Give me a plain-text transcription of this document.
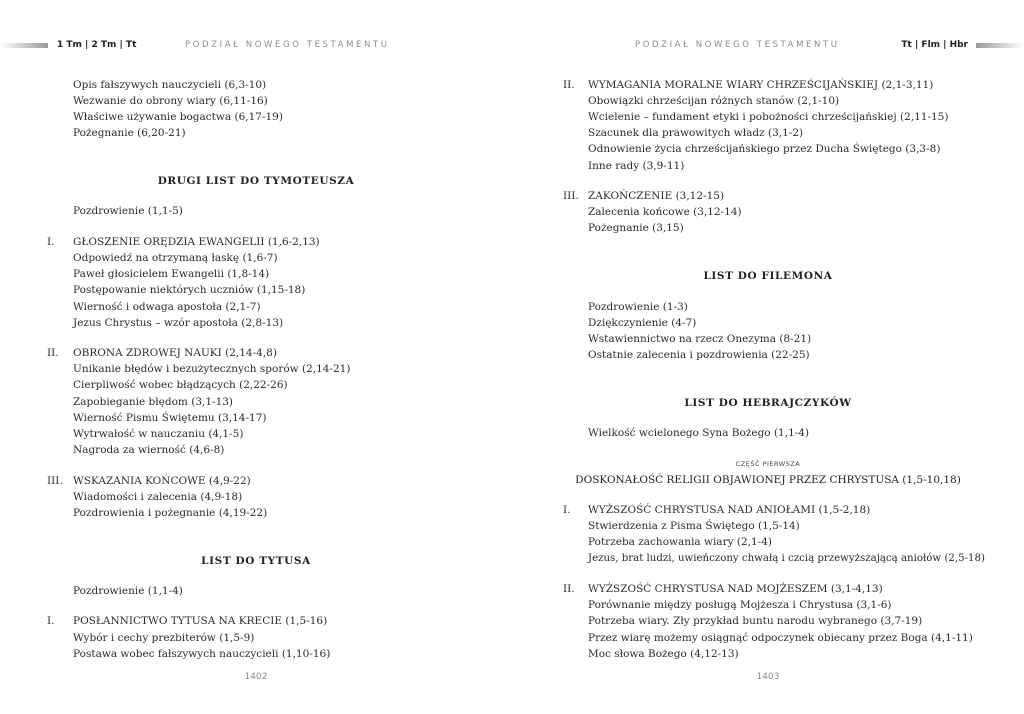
1 Tm | 2 Tm | Tt	PODZIAŁ NOWEGO TESTAMENTU
Opis fałszywych nauczycieli (6,3-10)
Wezwanie do obrony wiary (6,11-16)
Właściwe używanie bogactwa (6,17-19)
Pożegnanie (6,20-21)
DRUGI LIST DO TYMOTEUSZA
Pozdrowienie (1,1-5)
I. GŁOSZENIE ORĘDZIA EWANGELII (1,6-2,13)
Odpowiedź na otrzymaną łaskę (1,6-7)
Paweł głosicielem Ewangelii (1,8-14)
Postępowanie niektórych uczniów (1,15-18)
Wierność i odwaga apostoła (2,1-7)
Jezus Chrystus – wzór apostoła (2,8-13)
II. OBRONA ZDROWEJ NAUKI (2,14-4,8)
Unikanie błędów i bezużytecznych sporów (2,14-21)
Cierpliwość wobec błądzących (2,22-26)
Zapobieganie błędom (3,1-13)
Wierność Pismu Świętemu (3,14-17)
Wytrwałość w nauczaniu (4,1-5)
Nagroda za wierność (4,6-8)
III. WSKAZANIA KOŃCOWE (4,9-22)
Wiadomości i zalecenia (4,9-18)
Pozdrowienia i pożegnanie (4,19-22)
LIST DO TYTUSA
Pozdrowienie (1,1-4)
I. POSŁANNICTWO TYTUSA NA KRECIE (1,5-16)
Wybór i cechy prezbiterów (1,5-9)
Postawa wobec fałszywych nauczycieli (1,10-16)
1402
PODZIAŁ NOWEGO TESTAMENTU	Tt | Flm | Hbr
II. WYMAGANIA MORALNE WIARY CHRZEŚCIJAŃSKIEJ (2,1-3,11)
Obowiązki chrześcijan różnych stanów (2,1-10)
Wcielenie – fundament etyki i pobożności chrześcijańskiej (2,11-15)
Szacunek dla prawowitych władz (3,1-2)
Odnowienie życia chrześcijańskiego przez Ducha Świętego (3,3-8)
Inne rady (3,9-11)
III. ZAKOŃCZENIE (3,12-15)
Zalecenia końcowe (3,12-14)
Pożegnanie (3,15)
LIST DO FILEMONA
Pozdrowienie (1-3)
Dziękczynienie (4-7)
Wstawiennictwo na rzecz Onezyma (8-21)
Ostatnie zalecenia i pozdrowienia (22-25)
LIST DO HEBRAJCZYKÓW
Wielkość wcielonego Syna Bożego (1,1-4)
CZĘŚĆ PIERWSZA
DOSKONAŁOŚĆ RELIGII OBJAWIONEJ PRZEZ CHRYSTUSA (1,5-10,18)
I. WYŻSZOŚĆ CHRYSTUSA NAD ANIOŁAMI (1,5-2,18)
Stwierdzenia z Pisma Świętego (1,5-14)
Potrzeba zachowania wiary (2,1-4)
Jezus, brat ludzi, uwieńczony chwałą i czcią przewyższającą aniołów (2,5-18)
II. WYŻSZOŚĆ CHRYSTUSA NAD MOJŻESZEM (3,1-4,13)
Porównanie między posługą Mojżesza i Chrystusa (3,1-6)
Potrzeba wiary. Zły przykład buntu narodu wybranego (3,7-19)
Przez wiarę możemy osiągnąć odpoczynek obiecany przez Boga (4,1-11)
Moc słowa Bożego (4,12-13)
1403
